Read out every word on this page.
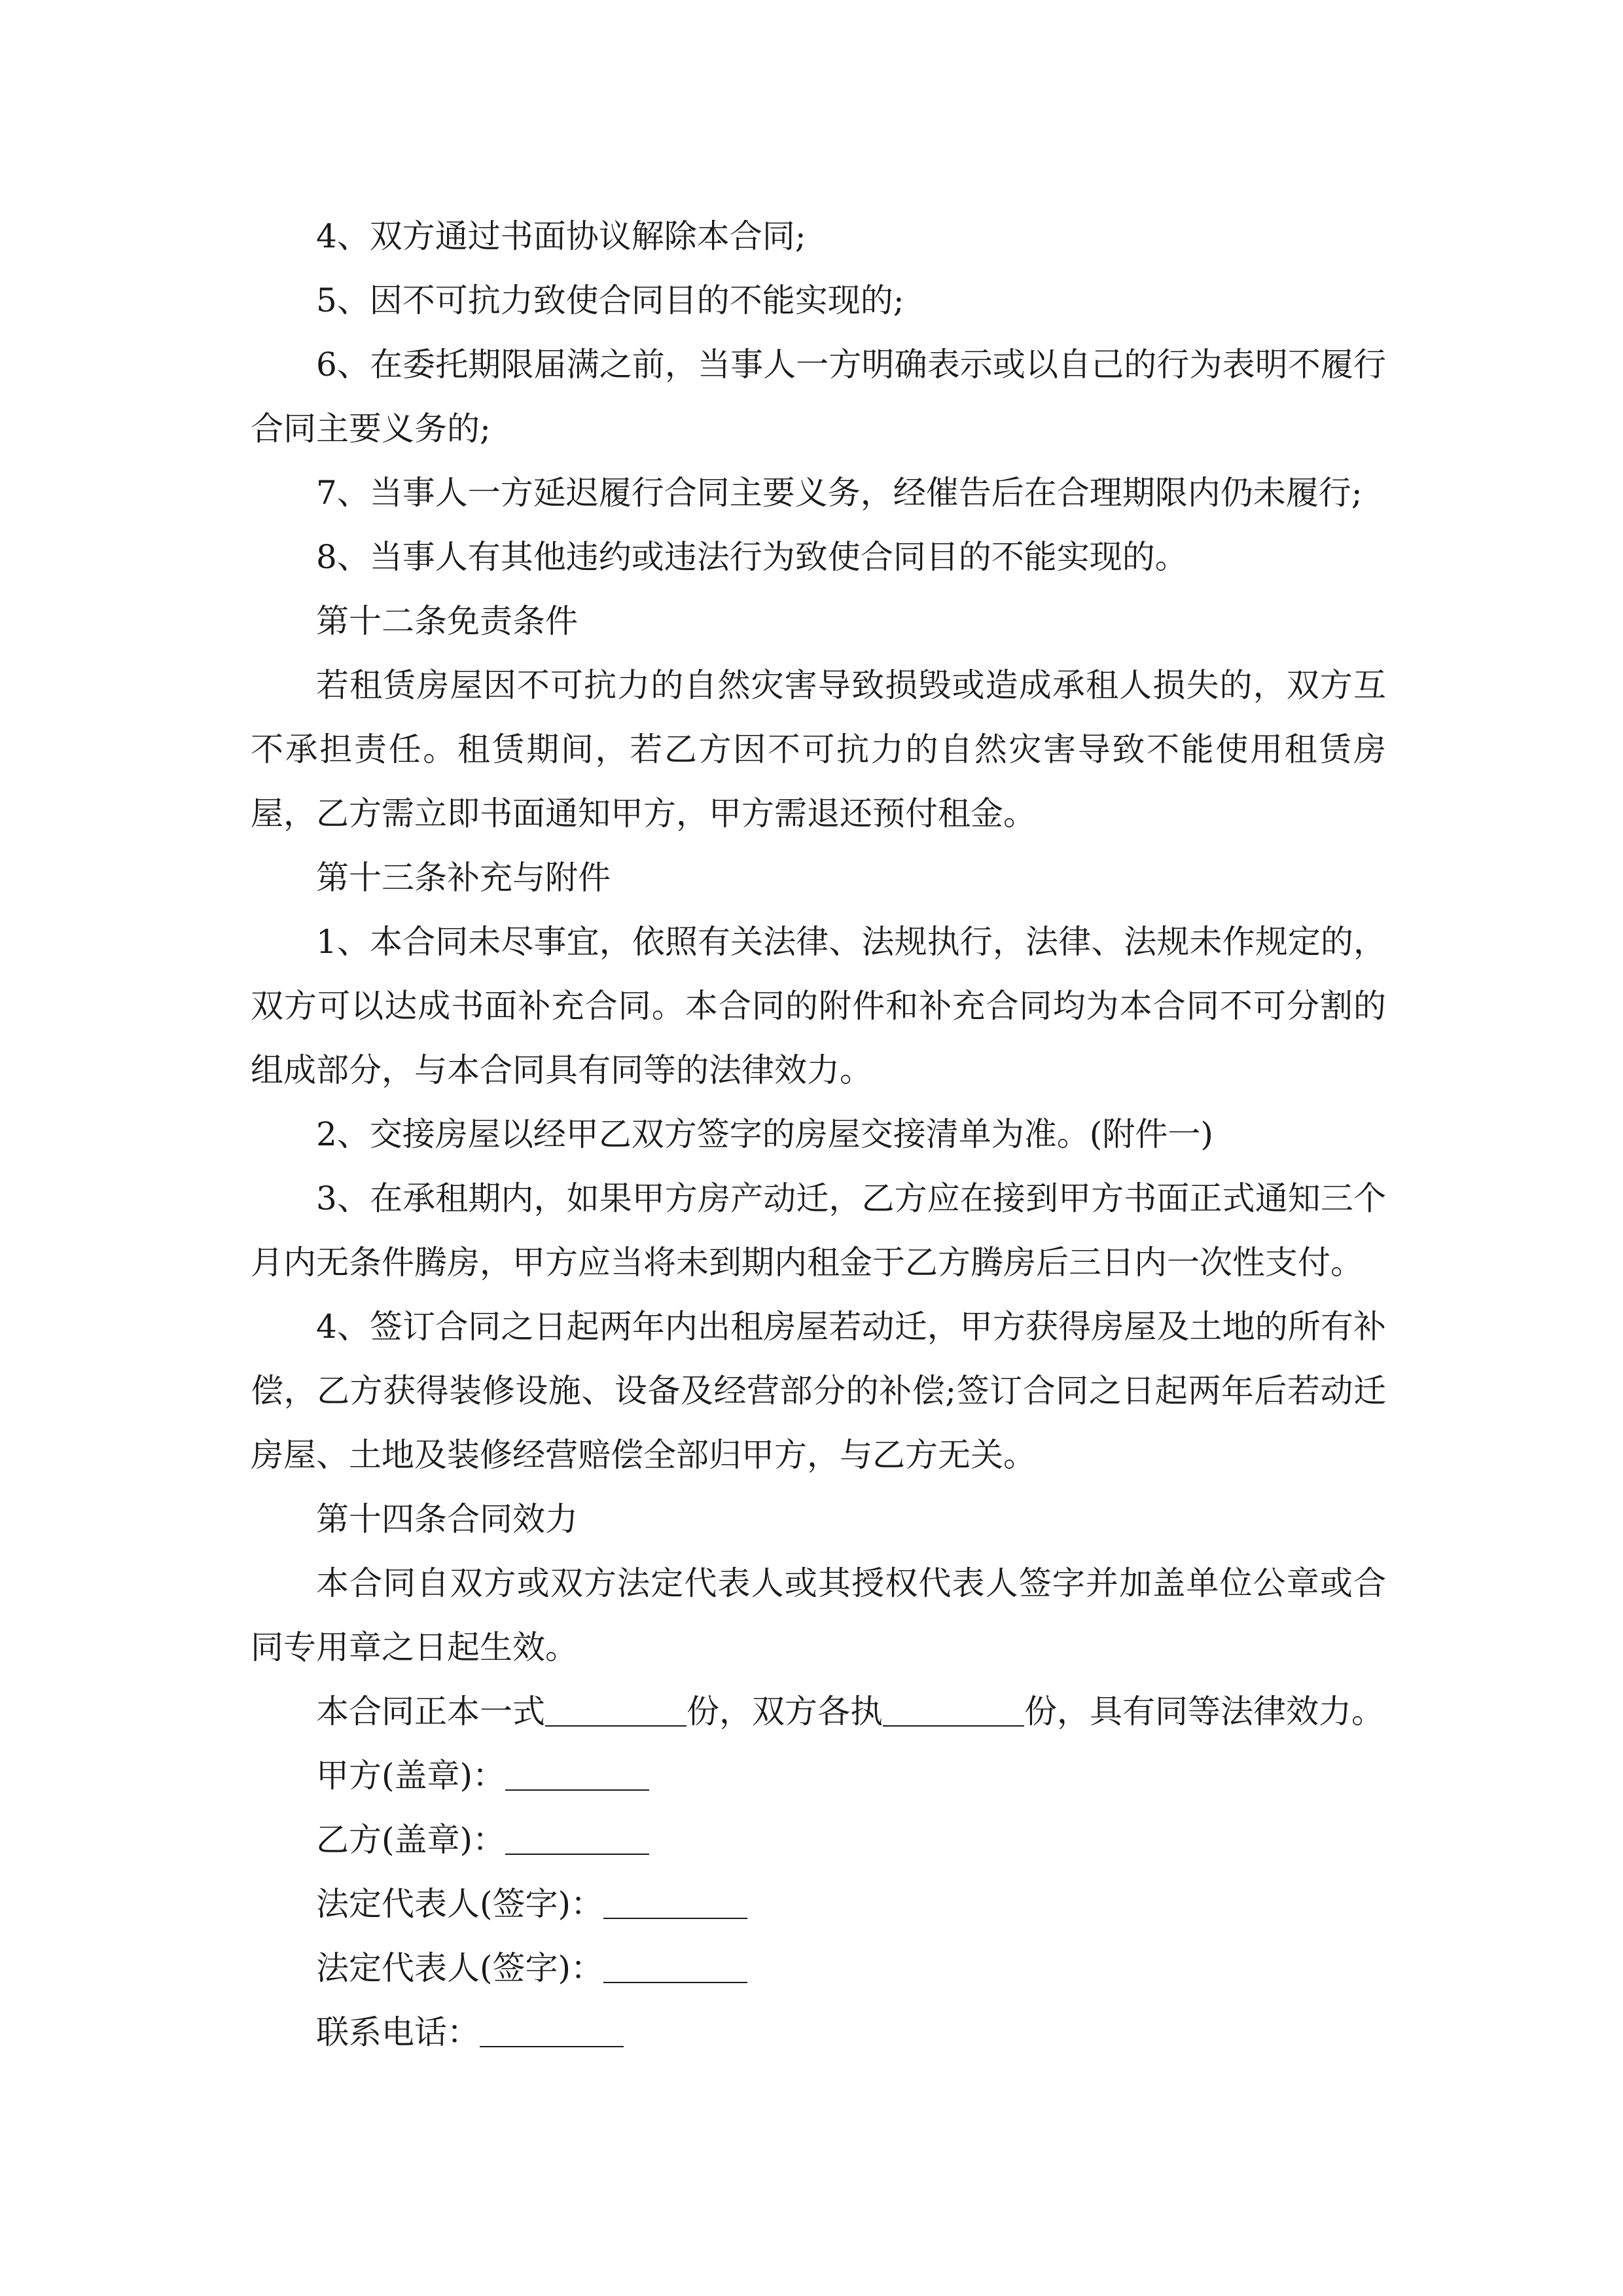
4、双方通过书面协议解除本合同;

5、因不可抗力致使合同目的不能实现的;

6、在委托期限届满之前，当事人一方明确表示或以自己的行为表明不履行合同主要义务的;

7、当事人一方延迟履行合同主要义务，经催告后在合理期限内仍未履行;

8、当事人有其他违约或违法行为致使合同目的不能实现的。

第十二条免责条件

若租赁房屋因不可抗力的自然灾害导致损毁或造成承租人损失的，双方互不承担责任。租赁期间，若乙方因不可抗力的自然灾害导致不能使用租赁房屋，乙方需立即书面通知甲方，甲方需退还预付租金。

第十三条补充与附件

1、本合同未尽事宜，依照有关法律、法规执行，法律、法规未作规定的，双方可以达成书面补充合同。本合同的附件和补充合同均为本合同不可分割的组成部分，与本合同具有同等的法律效力。

2、交接房屋以经甲乙双方签字的房屋交接清单为准。(附件一)

3、在承租期内，如果甲方房产动迁，乙方应在接到甲方书面正式通知三个月内无条件腾房，甲方应当将未到期内租金于乙方腾房后三日内一次性支付。

4、签订合同之日起两年内出租房屋若动迁，甲方获得房屋及土地的所有补偿，乙方获得装修设施、设备及经营部分的补偿;签订合同之日起两年后若动迁房屋、土地及装修经营赔偿全部归甲方，与乙方无关。

第十四条合同效力

本合同自双方或双方法定代表人或其授权代表人签字并加盖单位公章或合同专用章之日起生效。

本合同正本一式	份，双方各执	份，具有同等法律效力。

甲方(盖章)：

乙方(盖章)：

法定代表人(签字)：

法定代表人(签字)：

联系电话：
